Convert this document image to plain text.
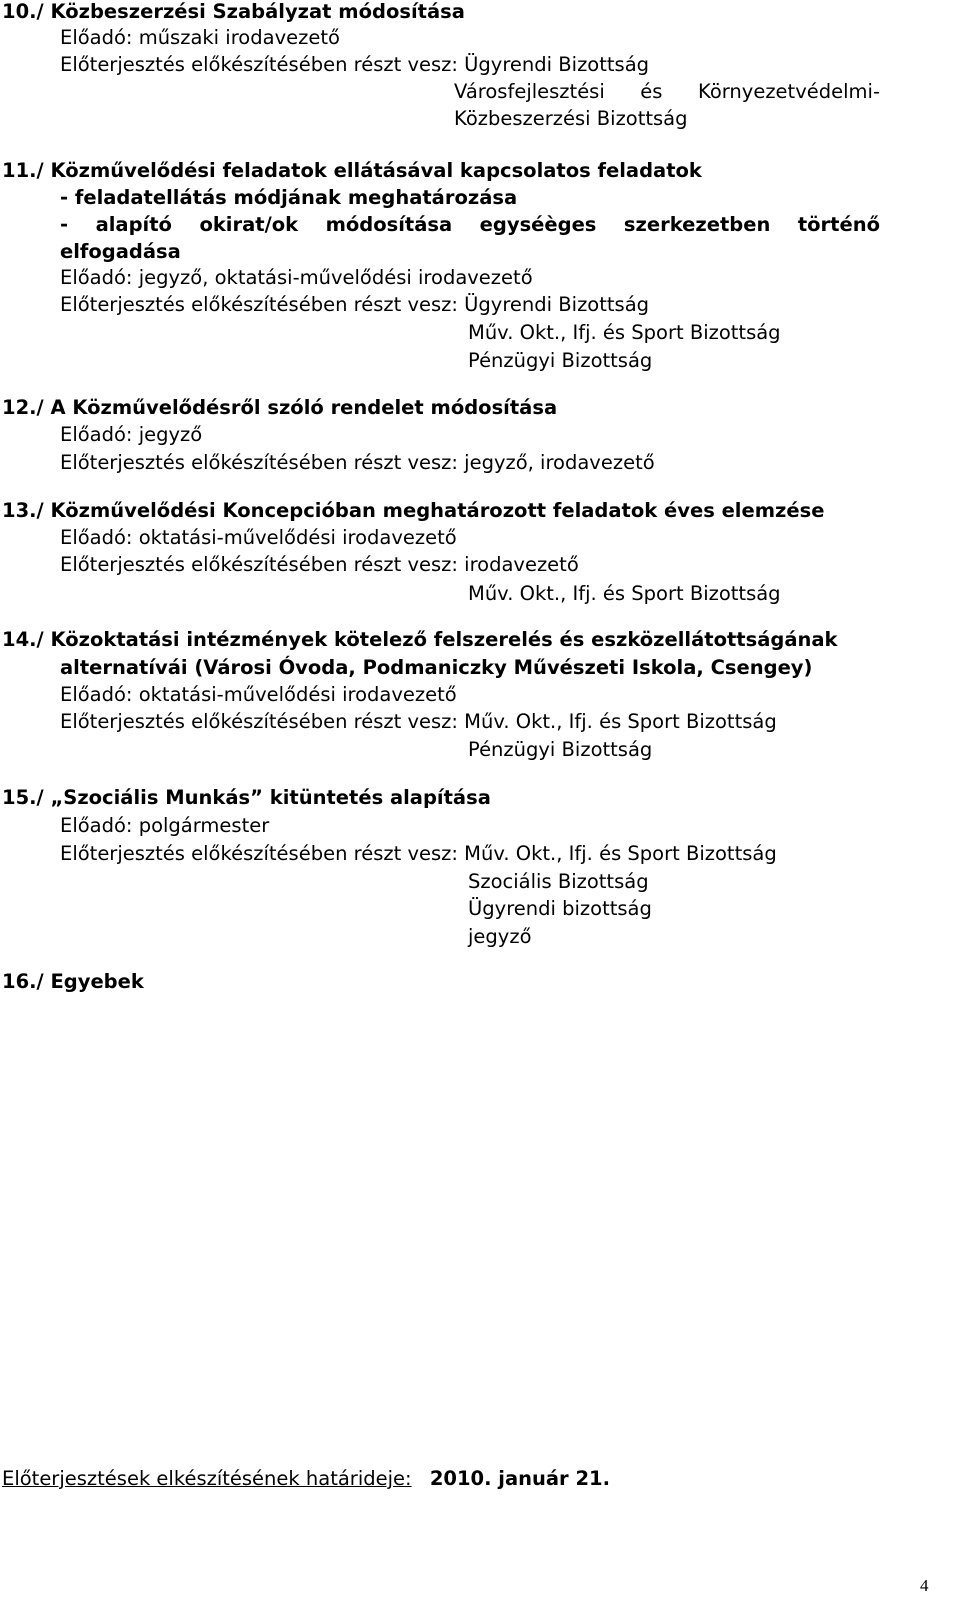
10./ Közbeszerzési Szabályzat módosítása
Előadó: műszaki irodavezető
Előterjesztés előkészítésében részt vesz: Ügyrendi Bizottság
Városfejlesztési és Környezetvédelmi-
Közbeszerzési Bizottság
11./ Közművelődési feladatok ellátásával kapcsolatos feladatok
- feladatellátás módjának meghatározása
- alapító okirat/ok módosítása egyséèges szerkezetben történő
elfogadása
Előadó: jegyző, oktatási-művelődési irodavezető
Előterjesztés előkészítésében részt vesz: Ügyrendi Bizottság
Műv. Okt., Ifj. és Sport Bizottság
Pénzügyi Bizottság
12./ A Közművelődésről szóló rendelet módosítása
Előadó: jegyző
Előterjesztés előkészítésében részt vesz: jegyző, irodavezető
13./ Közművelődési Koncepcióban meghatározott feladatok éves elemzése
Előadó: oktatási-művelődési irodavezető
Előterjesztés előkészítésében részt vesz: irodavezető
Műv. Okt., Ifj. és Sport Bizottság
14./ Közoktatási intézmények kötelező felszerelés és eszközellátottságának
alternatívái (Városi Óvoda, Podmaniczky Művészeti Iskola, Csengey)
Előadó: oktatási-művelődési irodavezető
Előterjesztés előkészítésében részt vesz: Műv. Okt., Ifj. és Sport Bizottság
Pénzügyi Bizottság
15./ „Szociális Munkás” kitüntetés alapítása
Előadó: polgármester
Előterjesztés előkészítésében részt vesz: Műv. Okt., Ifj. és Sport Bizottság
Szociális Bizottság
Ügyrendi bizottság
jegyző
16./ Egyebek
Előterjesztések elkészítésének határideje: 2010. január 21.
4
